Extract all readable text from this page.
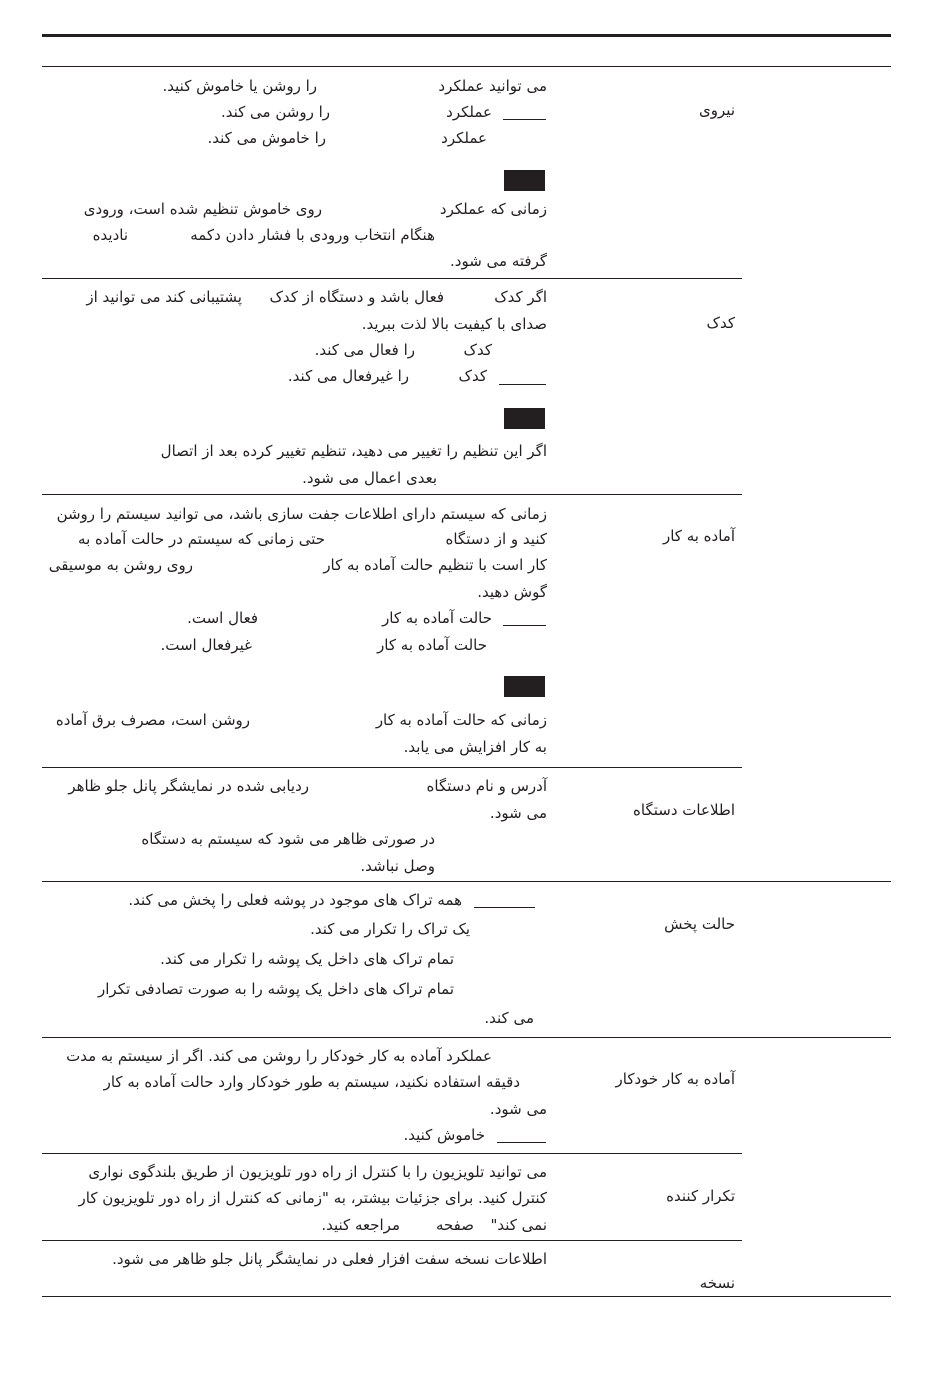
نیروی
می توانید عملکرد
را روشن یا خاموش کنید.
عملکرد
را روشن می کند.
عملکرد
را خاموش می کند.
زمانی که عملکرد
روی خاموش تنظیم شده است، ورودی
هنگام انتخاب ورودی با فشار دادن دکمه
نادیده
گرفته می شود.
کدک
اگر کدک
فعال باشد و دستگاه از کدک
پشتیبانی کند می توانید از
صدای با کیفیت بالا لذت ببرید.
کدک
را فعال می کند.
کدک
را غیرفعال می کند.
اگر این تنظیم را تغییر می دهید، تنظیم تغییر کرده بعد از اتصال
بعدی اعمال می شود.
آماده به کار
زمانی که سیستم دارای اطلاعات جفت سازی باشد، می توانید سیستم را روشن
کنید و از دستگاه
حتی زمانی که سیستم در حالت آماده به
کار است با تنظیم حالت آماده به کار
روی روشن به موسیقی
گوش دهید.
حالت آماده به کار
فعال است.
حالت آماده به کار
غیرفعال است.
زمانی که حالت آماده به کار
روشن است، مصرف برق آماده
به کار افزایش می یابد.
اطلاعات دستگاه
آدرس و نام دستگاه
ردیابی شده در نمایشگر پانل جلو ظاهر
می شود.
در صورتی ظاهر می شود که سیستم به دستگاه
وصل نباشد.
حالت پخش
همه تراک های موجود در پوشه فعلی را پخش می کند.
یک تراک را تکرار می کند.
تمام تراک های داخل یک پوشه را تکرار می کند.
تمام تراک های داخل یک پوشه را به صورت تصادفی تکرار
می کند.
آماده به کار خودکار
عملکرد آماده به کار خودکار را روشن می کند. اگر از سیستم به مدت
دقیقه استفاده نکنید، سیستم به طور خودکار وارد حالت آماده به کار
می شود.
خاموش کنید.
تکرار کننده
می توانید تلویزیون را با کنترل از راه دور تلویزیون از طریق بلندگوی نواری
کنترل کنید. برای جزئیات بیشتر، به "زمانی که کنترل از راه دور تلویزیون کار
نمی کند"
صفحه
مراجعه کنید.
نسخه
اطلاعات نسخه سفت افزار فعلی در نمایشگر پانل جلو ظاهر می شود.
